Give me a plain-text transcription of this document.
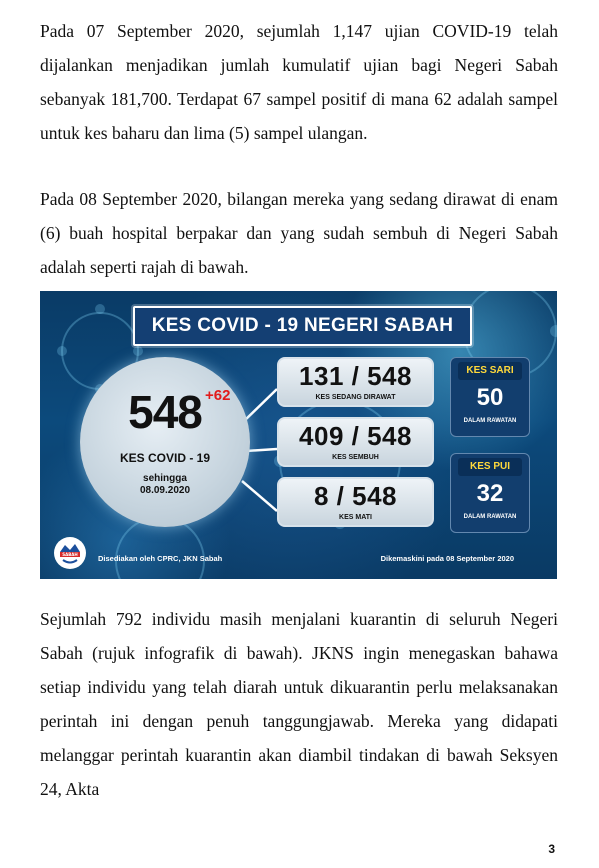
Pada 07 September 2020, sejumlah 1,147 ujian COVID-19 telah dijalankan menjadikan jumlah kumulatif ujian bagi Negeri Sabah sebanyak 181,700. Terdapat 67 sampel positif di mana 62 adalah sampel untuk kes baharu dan lima (5) sampel ulangan.

Pada 08 September 2020, bilangan mereka yang sedang dirawat di enam (6) buah hospital berpakar dan yang sudah sembuh di Negeri Sabah adalah seperti rajah di bawah.

KES COVID - 19 NEGERI SABAH
548 +62
KES COVID - 19
sehingga
08.09.2020
131 / 548
KES SEDANG DIRAWAT
409 / 548
KES SEMBUH
8 / 548
KES MATI
KES SARI
50
DALAM RAWATAN
KES PUI
32
DALAM RAWATAN
SABAH	Disediakan oleh CPRC, JKN Sabah	Dikemaskini pada 08 September 2020

Sejumlah 792 individu masih menjalani kuarantin di seluruh Negeri Sabah (rujuk infografik di bawah). JKNS ingin menegaskan bahawa setiap individu yang telah diarah untuk dikuarantin perlu melaksanakan perintah ini dengan penuh tanggungjawab. Mereka yang didapati melanggar perintah kuarantin akan diambil tindakan di bawah Seksyen 24, Akta

3
